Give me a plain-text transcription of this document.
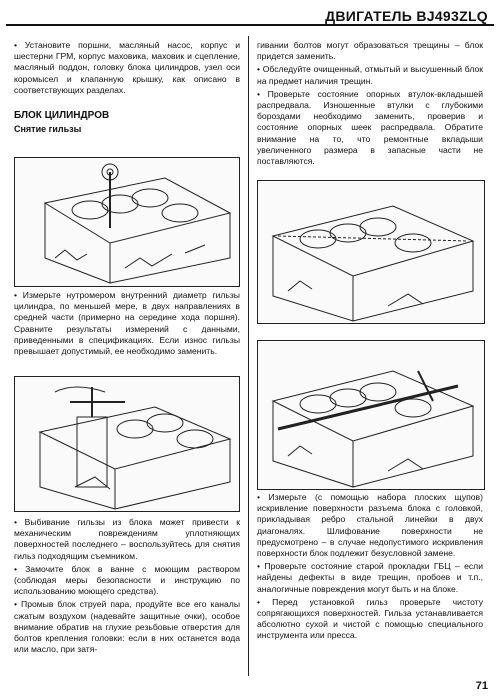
ДВИГАТЕЛЬ BJ493ZLQ

• Установите поршни, масляный насос, корпус и шестерни ГРМ, корпус маховика, маховик и сцепление, масляный поддон, головку блока цилиндров, узел оси коромысел и клапанную крышку, как описано в соответствующих разделах.

БЛОК ЦИЛИНДРОВ
Снятие гильзы

• Измерьте нутромером внутренний диаметр гильзы цилиндра, по меньшей мере, в двух направлениях в средней части (примерно на середине хода поршня). Сравните результаты измерений с данными, приведенными в спецификациях. Если износ гильзы превышает допустимый, ее необходимо заменить.

• Выбивание гильзы из блока может привести к механическим повреждениям уплотняющих поверхностей последнего – воспользуйтесь для снятия гильз подходящим съемником.

• Замочите блок в ванне с моющим раствором (соблюдая меры безопасности и инструкцию по использованию моющего средства).

• Промыв блок струей пара, продуйте все его каналы сжатым воздухом (надевайте защитные очки), особое внимание обратив на глухие резьбовые отверстия для болтов крепления головки: если в них останется вода или масло, при затя-

гивании болтов могут образоваться трещины – блок придется заменить.

• Обследуйте очищенный, отмытый и высушенный блок на предмет наличия трещин.

• Проверьте состояние опорных втулок-вкладышей распредвала. Изношенные втулки с глубокими бороздами необходимо заменить, проверив и состояние опорных шеек распредвала. Обратите внимание на то, что ремонтные вкладыши увеличенного размера в запасные части не поставляются.

• Измерьте (с помощью набора плоских щупов) искривление поверхности разъема блока с головкой, прикладывая ребро стальной линейки в двух диагоналях. Шлифование поверхности не предусмотрено – в случае недопустимого искривления поверхности блок подлежит безусловной замене.

• Проверьте состояние старой прокладки ГБЦ – если найдены дефекты в виде трещин, пробоев и т.п., аналогичные повреждения могут быть и на блоке.

• Перед установкой гильз проверьте чистоту сопрягающихся поверхностей. Гильза устанавливается абсолютно сухой и чистой с помощью специального инструмента или пресса.

71
